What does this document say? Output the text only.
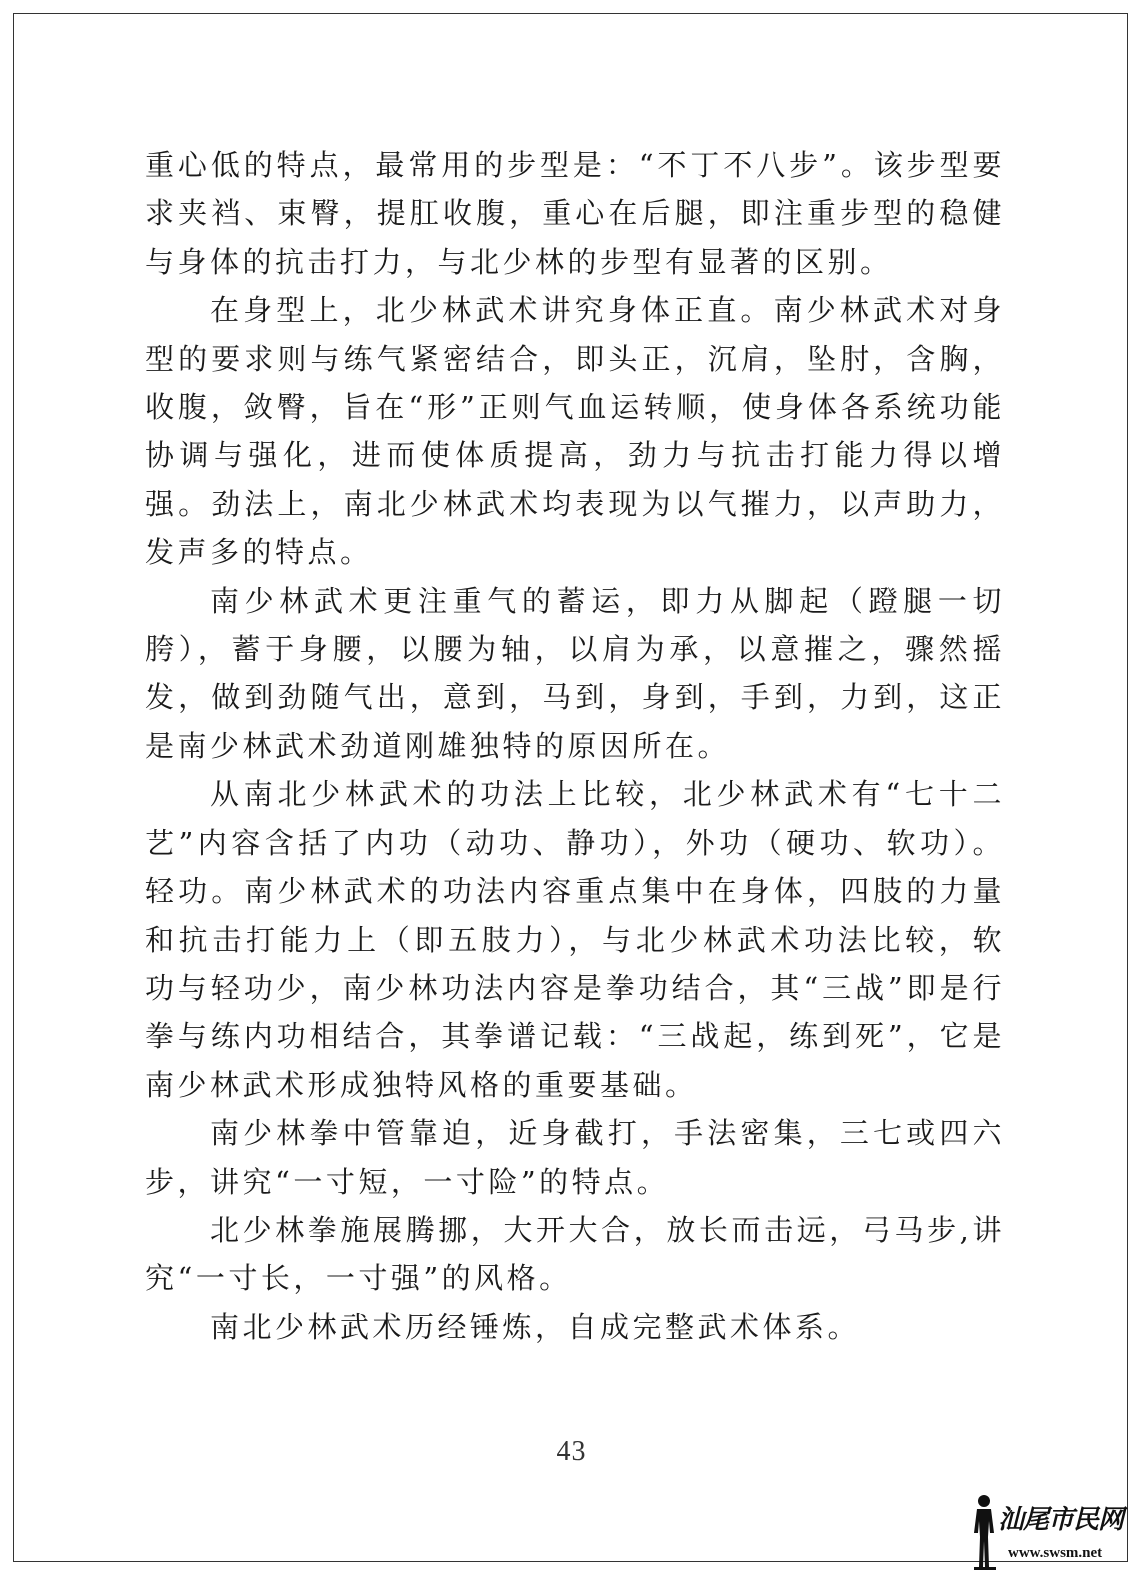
重心低的特点，最常用的步型是：“不丁不八步”。该步型要求夹裆、束臀，提肛收腹，重心在后腿，即注重步型的稳健与身体的抗击打力，与北少林的步型有显著的区别。

在身型上，北少林武术讲究身体正直。南少林武术对身型的要求则与练气紧密结合，即头正，沉肩，坠肘，含胸，收腹，敛臀，旨在“形”正则气血运转顺，使身体各系统功能协调与强化，进而使体质提高，劲力与抗击打能力得以增强。劲法上，南北少林武术均表现为以气摧力，以声助力，发声多的特点。

南少林武术更注重气的蓄运，即力从脚起（蹬腿一切胯），蓄于身腰，以腰为轴，以肩为承，以意摧之，骤然摇发，做到劲随气出，意到，马到，身到，手到，力到，这正是南少林武术劲道刚雄独特的原因所在。

从南北少林武术的功法上比较，北少林武术有“七十二艺”内容含括了内功（动功、静功），外功（硬功、软功）。轻功。南少林武术的功法内容重点集中在身体，四肢的力量和抗击打能力上（即五肢力），与北少林武术功法比较，软功与轻功少，南少林功法内容是拳功结合，其“三战”即是行拳与练内功相结合，其拳谱记载：“三战起，练到死”，它是南少林武术形成独特风格的重要基础。

南少林拳中管靠迫，近身截打，手法密集，三七或四六步，讲究“一寸短，一寸险”的特点。

北少林拳施展腾挪，大开大合，放长而击远，弓马步,讲究“一寸长，一寸强”的风格。

南北少林武术历经锤炼，自成完整武术体系。

43
汕尾市民网
www.swsm.net
